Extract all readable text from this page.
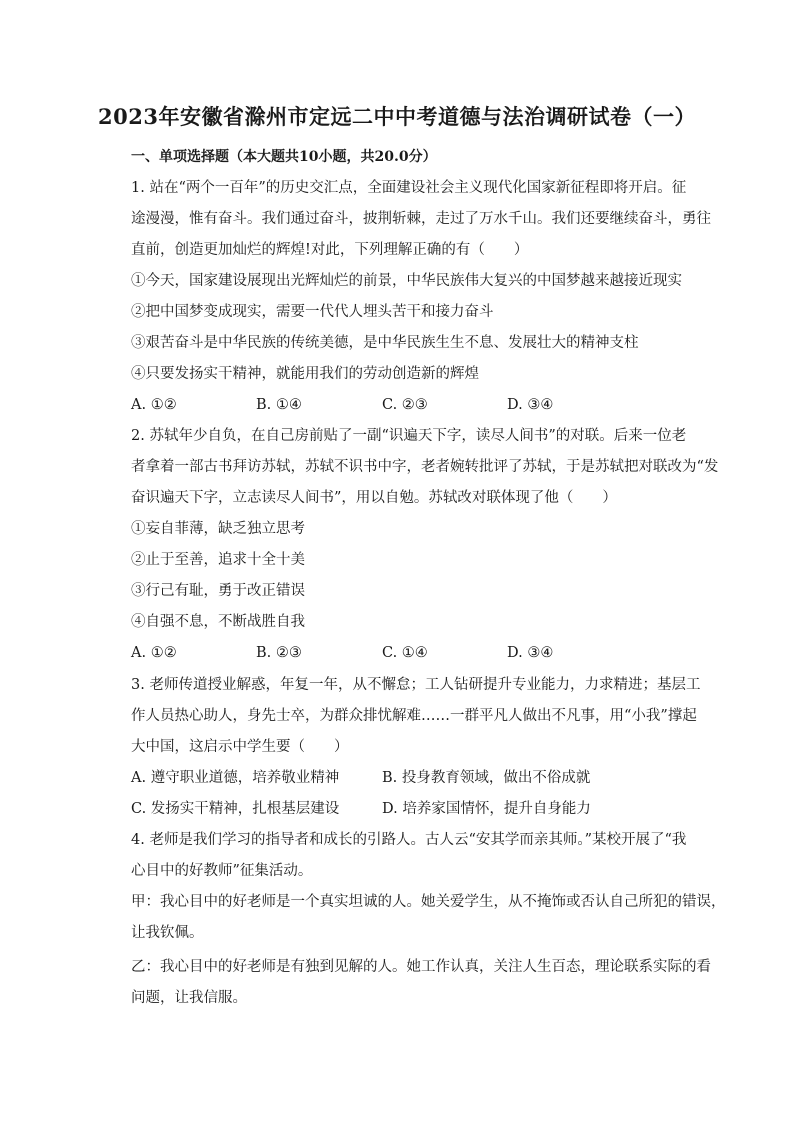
2023年安徽省滁州市定远二中中考道德与法治调研试卷（一）
一、单项选择题（本大题共10小题，共20.0分）
1. 站在“两个一百年”的历史交汇点，全面建设社会主义现代化国家新征程即将开启。征
途漫漫，惟有奋斗。我们通过奋斗，披荆斩棘，走过了万水千山。我们还要继续奋斗，勇往
直前，创造更加灿烂的辉煌!对此，下列理解正确的有（　　）
①今天，国家建设展现出光辉灿烂的前景，中华民族伟大复兴的中国梦越来越接近现实
②把中国梦变成现实，需要一代代人埋头苦干和接力奋斗
③艰苦奋斗是中华民族的传统美德，是中华民族生生不息、发展壮大的精神支柱
④只要发扬实干精神，就能用我们的劳动创造新的辉煌
A. ①②	B. ①④	C. ②③	D. ③④
2. 苏轼年少自负，在自己房前贴了一副“识遍天下字，读尽人间书”的对联。后来一位老
者拿着一部古书拜访苏轼，苏轼不识书中字，老者婉转批评了苏轼，于是苏轼把对联改为“发
奋识遍天下字，立志读尽人间书”，用以自勉。苏轼改对联体现了他（　　）
①妄自菲薄，缺乏独立思考
②止于至善，追求十全十美
③行己有耻，勇于改正错误
④自强不息，不断战胜自我
A. ①②	B. ②③	C. ①④	D. ③④
3. 老师传道授业解惑，年复一年，从不懈怠；工人钻研提升专业能力，力求精进；基层工
作人员热心助人，身先士卒，为群众排忧解难……一群平凡人做出不凡事，用“小我”撑起
大中国，这启示中学生要（　　）
A. 遵守职业道德，培养敬业精神	B. 投身教育领域，做出不俗成就
C. 发扬实干精神，扎根基层建设	D. 培养家国情怀，提升自身能力
4. 老师是我们学习的指导者和成长的引路人。古人云“安其学而亲其师。”某校开展了“我
心目中的好教师”征集活动。
甲：我心目中的好老师是一个真实坦诚的人。她关爱学生，从不掩饰或否认自己所犯的错误，
让我钦佩。
乙：我心目中的好老师是有独到见解的人。她工作认真，关注人生百态，理论联系实际的看
问题，让我信服。
